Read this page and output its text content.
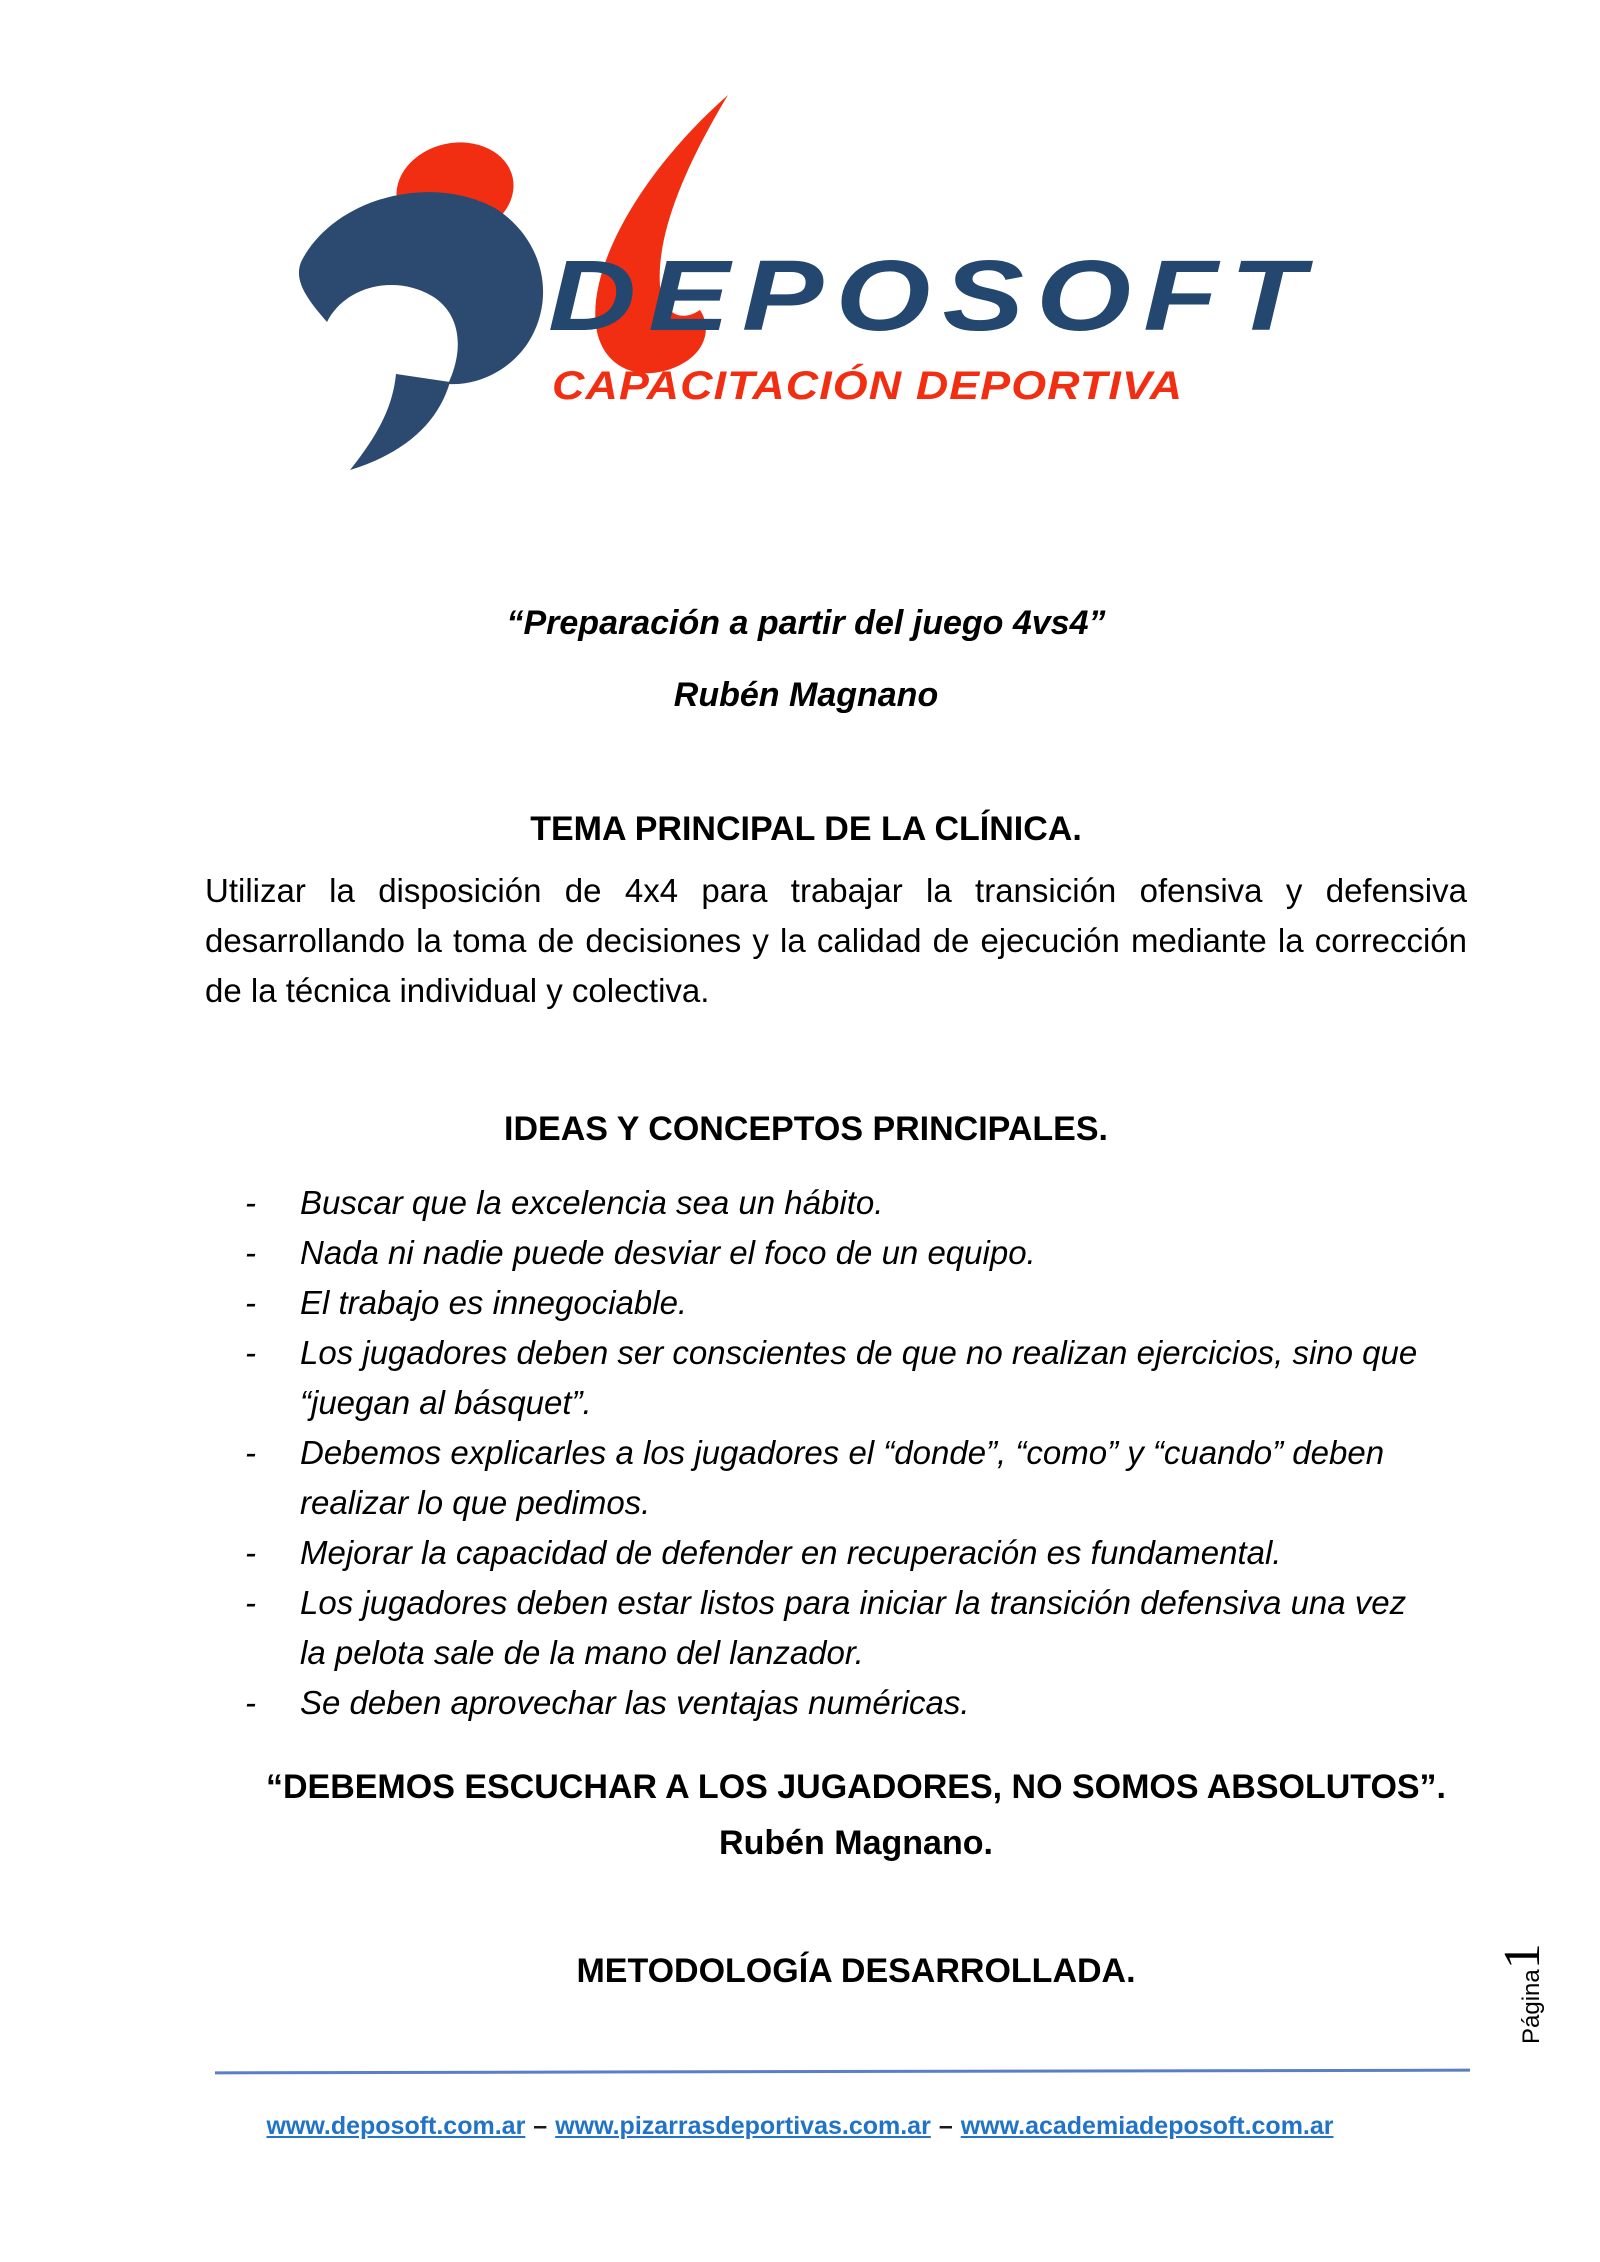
DEPOSOFT
CAPACITACIÓN DEPORTIVA
“Preparación a partir del juego 4vs4”
Rubén Magnano
TEMA PRINCIPAL DE LA CLÍNICA.
Utilizar la disposición de 4x4 para trabajar la transición ofensiva y defensiva desarrollando la toma de decisiones y la calidad de ejecución mediante la corrección de la técnica individual y colectiva.
IDEAS Y CONCEPTOS PRINCIPALES.
-	Buscar que la excelencia sea un hábito.
-	Nada ni nadie puede desviar el foco de un equipo.
-	El trabajo es innegociable.
-	Los jugadores deben ser conscientes de que no realizan ejercicios, sino que “juegan al básquet”.
-	Debemos explicarles a los jugadores el “donde”, “como” y “cuando” deben realizar lo que pedimos.
-	Mejorar la capacidad de defender en recuperación es fundamental.
-	Los jugadores deben estar listos para iniciar la transición defensiva una vez la pelota sale de la mano del lanzador.
-	Se deben aprovechar las ventajas numéricas.
“DEBEMOS ESCUCHAR A LOS JUGADORES, NO SOMOS ABSOLUTOS”.
Rubén Magnano.
METODOLOGÍA DESARROLLADA.	Página1
www.deposoft.com.ar – www.pizarrasdeportivas.com.ar – www.academiadeposoft.com.ar
